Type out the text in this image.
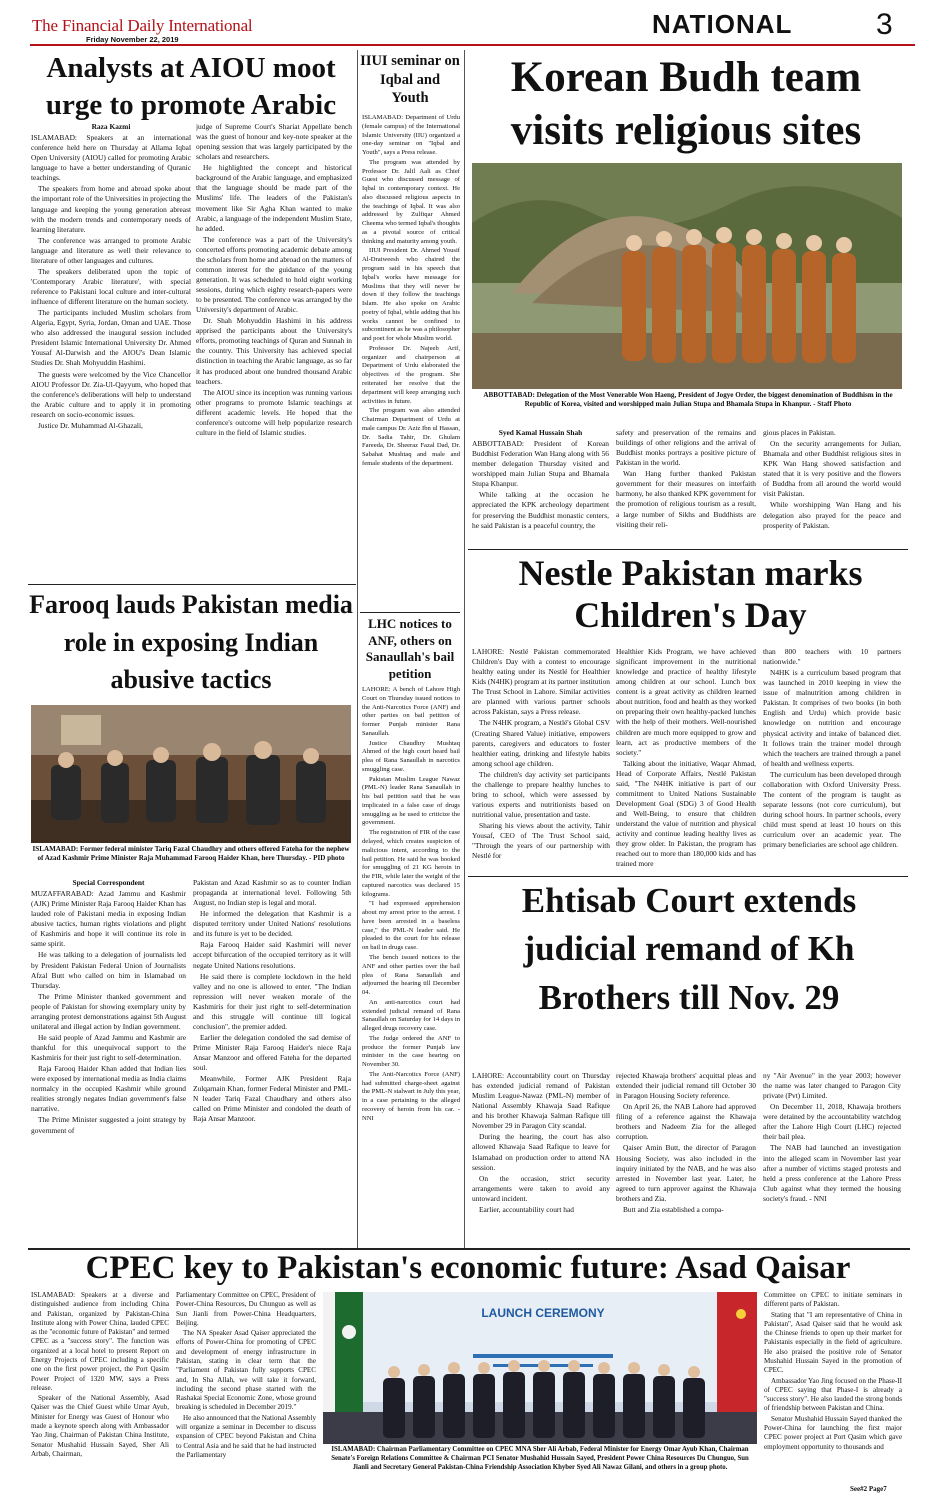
The Financial Daily International
Friday November 22, 2019
NATIONAL	3
Analysts at AIOU moot urge to promote Arabic

Raza Kazmi

ISLAMABAD: Speakers at an international conference held here on Thursday at Allama Iqbal Open University (AIOU) called for promoting Arabic language to have a better understanding of Quranic teachings.

The speakers from home and abroad spoke about the important role of the Universities in projecting the language and keeping the young generation abreast with the modern trends and contemporary needs of learning literature.

The conference was arranged to promote Arabic language and literature as well their relevance to literature of other languages and cultures.

The speakers deliberated upon the topic of 'Contemporary Arabic literature', with special reference to Pakistani local culture and inter-cultural influence of different literature on the human society.

The participants included Muslim scholars from Algeria, Egypt, Syria, Jordan, Oman and UAE. Those who also addressed the inaugural session included President Islamic International University Dr. Ahmed Yousaf Al-Darwish and the AIOU's Dean Islamic Studies Dr. Shah Mohyuddin Hashimi.

The guests were welcomed by the Vice Chancellor AIOU Professor Dr. Zia-Ul-Qayyum, who hoped that the conference's deliberations will help to understand the Arabic culture and to apply it in promoting research on socio-economic issues.

Justice Dr. Muhammad Al-Ghazali,

judge of Supreme Court's Shariat Appellate bench was the guest of honour and key-note speaker at the opening session that was largely participated by the scholars and researchers.

He highlighted the concept and historical background of the Arabic language, and emphasized that the language should be made part of the Muslims' life. The leaders of the Pakistan's movement like Sir Agha Khan wanted to make Arabic, a language of the independent Muslim State, he added.

The conference was a part of the University's concerted efforts promoting academic debate among the scholars from home and abroad on the matters of common interest for the guidance of the young generation. It was scheduled to hold eight working sessions, during which eighty research-papers were to be presented. The conference was arranged by the University's department of Arabic.

Dr. Shah Mohyuddin Hashimi in his address apprised the participants about the University's efforts, promoting teachings of Quran and Sunnah in the country. This University has achieved special distinction in teaching the Arabic language, as so far it has produced about one hundred thousand Arabic teachers.

The AIOU since its inception was running various other programs to promote Islamic teachings at different academic levels. He hoped that the conference's outcome will help popularize research culture in the field of Islamic studies.

IIUI seminar on Iqbal and Youth

ISLAMABAD: Department of Urdu (female campus) of the International Islamic University (IIU) organized a one-day seminar on "Iqbal and Youth", says a Press release.

The program was attended by Professor Dr. Jalil Aali as Chief Guest who discussed message of Iqbal in contemporary context. He also discussed religious aspects in the teachings of Iqbal. It was also addressed by Zulfiqar Ahmed Cheema who termed Iqbal's thoughts as a pivotal source of critical thinking and maturity among youth.

IIUI President Dr. Ahmed Yousif Al-Draiweesh who chaired the program said in his speech that Iqbal's works have message for Muslims that they will never be down if they follow the teachings Islam. He also spoke on Arabic poetry of Iqbal, while adding that his works cannot be confined to subcontinent as he was a philosopher and poet for whole Muslim world.

Professor Dr. Najeeb Arif, organizer and chairperson at Department of Urdu elaborated the objectives of the program. She reiterated her resolve that the department will keep arranging such activities in future.

The program was also attended Chairman Department of Urdu at male campus Dr. Aziz Ibn ul Hassan, Dr. Sadia Tahir, Dr. Ghulam Fareeda, Dr. Sheeraz Fazal Dad, Dr. Sabahat Mushtaq and male and female students of the department.

Korean Budh team visits religious sites
ABBOTTABAD: Delegation of the Most Venerable Won Haeng, President of Jogye Order, the biggest denomination of Buddhism in the Republic of Korea, visited and worshipped main Julian Stupa and Bhamala Stupa in Khanpur. - Staff Photo

Syed Kamal Hussain Shah

ABBOTTABAD: President of Korean Buddhist Federation Wan Hang along with 56 member delegation Thursday visited and worshipped main Julian Stupa and Bhamala Stupa Khanpur.

While talking at the occasion he appreciated the KPK archeology department for preserving the Buddhist monastic centers, he said Pakistan is a peaceful country, the

safety and preservation of the remains and buildings of other religions and the arrival of Buddhist monks portrays a positive picture of Pakistan in the world.

Wan Hang further thanked Pakistan government for their measures on interfaith harmony, he also thanked KPK government for the promotion of religious tourism as a result, a large number of Sikhs and Buddhists are visiting their reli-

gious places in Pakistan.

On the security arrangements for Julian, Bhamala and other Buddhist religious sites in KPK Wan Hang showed satisfaction and stated that it is very positive and the flowers of Buddha from all around the world would visit Pakistan.

While worshipping Wan Hang and his delegation also prayed for the peace and prosperity of Pakistan.

Farooq lauds Pakistan media role in exposing Indian abusive tactics
ISLAMABAD: Former federal minister Tariq Fazal Chaudhry and others offered Fateha for the nephew of Azad Kashmir Prime Minister Raja Muhammad Farooq Haider Khan, here Thursday. - PID photo

Special Correspondent

MUZAFFARABAD: Azad Jammu and Kashmir (AJK) Prime Minister Raja Farooq Haider Khan has lauded role of Pakistani media in exposing Indian abusive tactics, human rights violations and plight of Kashmiris and hope it will continue its role in same spirit.

He was talking to a delegation of journalists led by President Pakistan Federal Union of Journalists Afzal Butt who called on him in Islamabad on Thursday.

The Prime Minister thanked government and people of Pakistan for showing exemplary unity by arranging protest demonstrations against 5th August unilateral and illegal action by Indian government.

He said people of Azad Jammu and Kashmir are thankful for this unequivocal support to the Kashmiris for their just right to self-determination.

Raja Farooq Haider Khan added that Indian lies were exposed by international media as India claims normalcy in the occupied Kashmir while ground realities strongly negates Indian government's false narrative.

The Prime Minister suggested a joint strategy by government of

Pakistan and Azad Kashmir so as to counter Indian propaganda at international level. Following 5th August, no Indian step is legal and moral.

He informed the delegation that Kashmir is a disputed territory under United Nations' resolutions and its future is yet to be decided.

Raja Farooq Haider said Kashmiri will never accept bifurcation of the occupied territory as it will negate United Nations resolutions.

He said there is complete lockdown in the held valley and no one is allowed to enter. "The Indian repression will never weaken morale of the Kashmiris for their just right to self-determination and this struggle will continue till logical conclusion", the premier added.

Earlier the delegation condoled the sad demise of Prime Minister Raja Farooq Haider's niece Raja Ansar Manzoor and offered Fateha for the departed soul.

Meanwhile, Former AJK President Raja Zulqarnain Khan, former Federal Minister and PML-N leader Tariq Fazal Chaudhary and others also called on Prime Minister and condoled the death of Raja Ansar Manzoor.

LHC notices to ANF, others on Sanaullah's bail petition

LAHORE: A bench of Lahore High Court on Thursday issued notices to the Anti-Narcotics Force (ANF) and other parties on bail petition of former Punjab minister Rana Sanaullah.

Justice Chaudhry Mushtaq Ahmed of the high court heard bail plea of Rana Sanaullah in narcotics smuggling case.

Pakistan Muslim League Nawaz (PML-N) leader Rana Sanaullah in his bail petition said that he was implicated in a false case of drugs smuggling as he used to criticize the government.

The registration of FIR of the case delayed, which creates suspicion of malicious intent, according to the bail petition. He said he was booked for smuggling of 21 KG heroin in the FIR, while later the weight of the captured narcotics was declared 15 kilograms.

"I had expressed apprehension about my arrest prior to the arrest. I have been arrested in a baseless case," the PML-N leader said. He pleaded to the court for his release on bail in drugs case.

The bench issued notices to the ANF and other parties over the bail plea of Rana Sanaullah and adjourned the hearing till December 04.

An anti-narcotics court had extended judicial remand of Rana Sanaullah on Saturday for 14 days in alleged drugs recovery case.

The Judge ordered the ANF to produce the former Punjab law minister in the case hearing on November 30.

The Anti-Narcotics Force (ANF) had submitted charge-sheet against the PML-N stalwart in July this year, in a case pertaining to the alleged recovery of heroin from his car. - NNI

Nestle Pakistan marks Children's Day

LAHORE: Nestlé Pakistan commemorated Children's Day with a contest to encourage healthy eating under its Nestlé for Healthier Kids (N4HK) program at its partner institution The Trust School in Lahore. Similar activities are planned with various partner schools across Pakistan, says a Press release.

The N4HK program, a Nestlé's Global CSV (Creating Shared Value) initiative, empowers parents, caregivers and educators to foster healthier eating, drinking and lifestyle habits among school age children.

The children's day activity set participants the challenge to prepare healthy lunches to bring to school, which were assessed by various experts and nutritionists based on nutritional value, presentation and taste.

Sharing his views about the activity, Tahir Yousaf, CEO of The Trust School said, "Through the years of our partnership with Nestlé for

Healthier Kids Program, we have achieved significant improvement in the nutritional knowledge and practice of healthy lifestyle among children at our school. Lunch box content is a great activity as children learned about nutrition, food and health as they worked on preparing their own healthy-packed lunches with the help of their mothers. Well-nourished children are much more equipped to grow and learn, act as productive members of the society."

Talking about the initiative, Waqar Ahmad, Head of Corporate Affairs, Nestlé Pakistan said, "The N4HK initiative is part of our commitment to United Nations Sustainable Development Goal (SDG) 3 of Good Health and Well-Being, to ensure that children understand the value of nutrition and physical activity and continue leading healthy lives as they grow older. In Pakistan, the program has reached out to more than 180,000 kids and has trained more

than 800 teachers with 10 partners nationwide."

N4HK is a curriculum based program that was launched in 2010 keeping in view the issue of malnutrition among children in Pakistan. It comprises of two books (in both English and Urdu) which provide basic knowledge on nutrition and encourage physical activity and intake of balanced diet. It follows train the trainer model through which the teachers are trained through a panel of health and wellness experts.

The curriculum has been developed through collaboration with Oxford University Press. The content of the program is taught as separate lessons (not core curriculum), but during school hours. In partner schools, every child must spend at least 10 hours on this curriculum over an academic year. The primary beneficiaries are school age children.

Ehtisab Court extends judicial remand of Kh Brothers till Nov. 29

LAHORE: Accountability court on Thursday has extended judicial remand of Pakistan Muslim League-Nawaz (PML-N) member of National Assembly Khawaja Saad Rafique and his brother Khawaja Salman Rafique till November 29 in Paragon City scandal.

During the hearing, the court has also allowed Khawaja Saad Rafique to leave for Islamabad on production order to attend NA session.

On the occasion, strict security arrangements were taken to avoid any untoward incident.

Earlier, accountability court had

rejected Khawaja brothers' acquittal pleas and extended their judicial remand till October 30 in Paragon Housing Society reference.

On April 26, the NAB Lahore had approved filing of a reference against the Khawaja brothers and Nadeem Zia for the alleged corruption.

Qaiser Amin Butt, the director of Paragon Housing Society, was also included in the inquiry initiated by the NAB, and he was also arrested in November last year. Later, he agreed to turn approver against the Khawaja brothers and Zia.

Butt and Zia established a compa-

ny "Air Avenue" in the year 2003; however the name was later changed to Paragon City private (Pvt) Limited.

On December 11, 2018, Khawaja brothers were detained by the accountability watchdog after the Lahore High Court (LHC) rejected their bail plea.

The NAB had launched an investigation into the alleged scam in November last year after a number of victims staged protests and held a press conference at the Lahore Press Club against what they termed the housing society's fraud. - NNI

CPEC key to Pakistan's economic future: Asad Qaisar

ISLAMABAD: Speakers at a diverse and distinguished audience from including China and Pakistan, organized by Pakistan-China Institute along with Power China, lauded CPEC as the "economic future of Pakistan" and termed CPEC as a "success story". The function was organized at a local hotel to present Report on Energy Projects of CPEC including a specific one on the first power project, the Port Qasim Power Project of 1320 MW, says a Press release.

Speaker of the National Assembly, Asad Qaiser was the Chief Guest while Umar Ayub, Minister for Energy was Guest of Honour who made a keynote speech along with Ambassador Yao Jing, Chairman of Pakistan China Institute, Senator Mushahid Hussain Sayed, Sher Ali Arbab, Chairman,

Parliamentary Committee on CPEC, President of Power-China Resources, Du Chunguo as well as Sun Jianli from Power-China Headquarters, Beijing.

The NA Speaker Asad Qaiser appreciated the efforts of Power-China for promoting of CPEC and development of energy infrastructure in Pakistan, stating in clear term that the "Parliament of Pakistan fully supports CPEC and, In Sha Allah, we will take it forward, including the second phase started with the Rashakai Special Economic Zone, whose ground breaking is scheduled in December 2019."

He also announced that the National Assembly will organize a seminar in December to discuss expansion of CPEC beyond Pakistan and China to Central Asia and he said that he had instructed the Parliamentary

LAUNCH CEREMONY
ISLAMABAD: Chairman Parliamentary Committee on CPEC MNA Sher Ali Arbab, Federal Minister for Energy Omar Ayub Khan, Chairman Senate's Foreign Relations Committee & Chairman PCI Senator Mushahid Hussain Sayed, President Power China Resources Du Chunguo, Sun Jianli and Secretary General Pakistan-China Friendship Association Khyber Syed Ali Nawaz Gilani, and others in a group photo.

Committee on CPEC to initiate seminars in different parts of Pakistan.

Stating that "I am representative of China in Pakistan", Asad Qaiser said that he would ask the Chinese friends to open up their market for Pakistanis especially in the field of agriculture. He also praised the positive role of Senator Mushahid Hussain Sayed in the promotion of CPEC.

Ambassador Yao Jing focused on the Phase-II of CPEC saying that Phase-I is already a "success story". He also lauded the strong bonds of friendship between Pakistan and China.

Senator Mushahid Hussain Sayed thanked the Power-China for launching the first major CPEC power project at Port Qasim which gave employment opportunity to thousands and

See#2 Page7
